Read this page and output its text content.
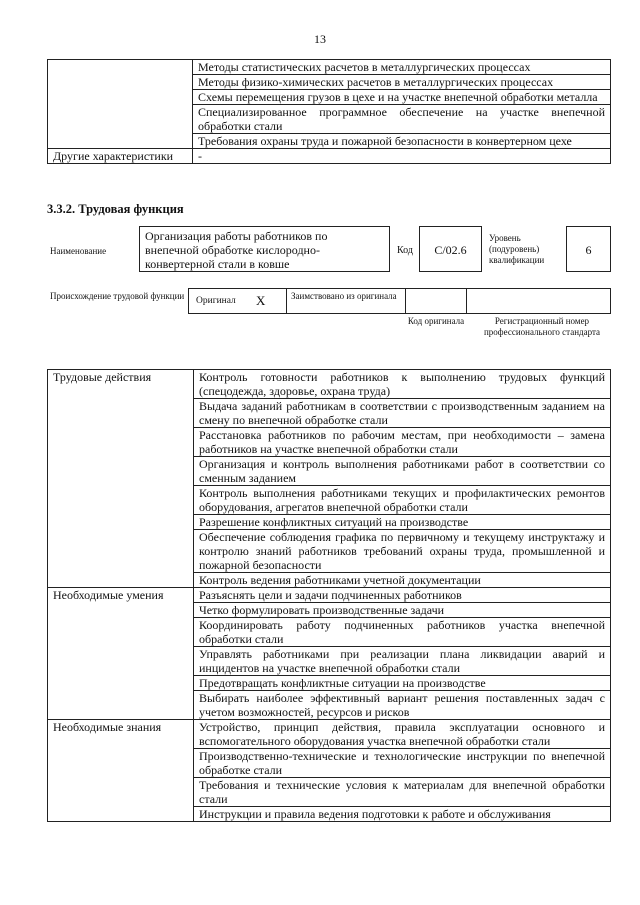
13
	Методы статистических расчетов в металлургических процессах
	Методы физико-химических расчетов в металлургических процессах
	Схемы перемещения грузов в цехе и на участке внепечной обработки металла
	Специализированное программное обеспечение на участке внепечной обработки стали
	Требования охраны труда и пожарной безопасности в конвертерном цехе
Другие характеристики	-
3.3.2. Трудовая функция
Наименование
Организация работы работников по внепечной обработке кислородно-конвертерной стали в ковше
Код	C/02.6
Уровень (подуровень) квалификации
6
Происхождение трудовой функции Оригинал X	Заимствовано из оригинала
Код оригинала	Регистрационный номер профессионального стандарта
Трудовые действия	Контроль готовности работников к выполнению трудовых функций (спецодежда, здоровье, охрана труда)
	Выдача заданий работникам в соответствии с производственным заданием на смену по внепечной обработке стали
	Расстановка работников по рабочим местам, при необходимости – замена работников на участке внепечной обработки стали
	Организация и контроль выполнения работниками работ в соответствии со сменным заданием
	Контроль выполнения работниками текущих и профилактических ремонтов оборудования, агрегатов внепечной обработки стали
	Разрешение конфликтных ситуаций на производстве
	Обеспечение соблюдения графика по первичному и текущему инструктажу и контролю знаний работников требований охраны труда, промышленной и пожарной безопасности
	Контроль ведения работниками учетной документации
Необходимые умения	Разъяснять цели и задачи подчиненных работников
	Четко формулировать производственные задачи
	Координировать работу подчиненных работников участка внепечной обработки стали
	Управлять работниками при реализации плана ликвидации аварий и инцидентов на участке внепечной обработки стали
	Предотвращать конфликтные ситуации на производстве
	Выбирать наиболее эффективный вариант решения поставленных задач с учетом возможностей, ресурсов и рисков
Необходимые знания	Устройство, принцип действия, правила эксплуатации основного и вспомогательного оборудования участка внепечной обработки стали
	Производственно-технические и технологические инструкции по внепечной обработке стали
	Требования и технические условия к материалам для внепечной обработки стали
	Инструкции и правила ведения подготовки к работе и обслуживания
